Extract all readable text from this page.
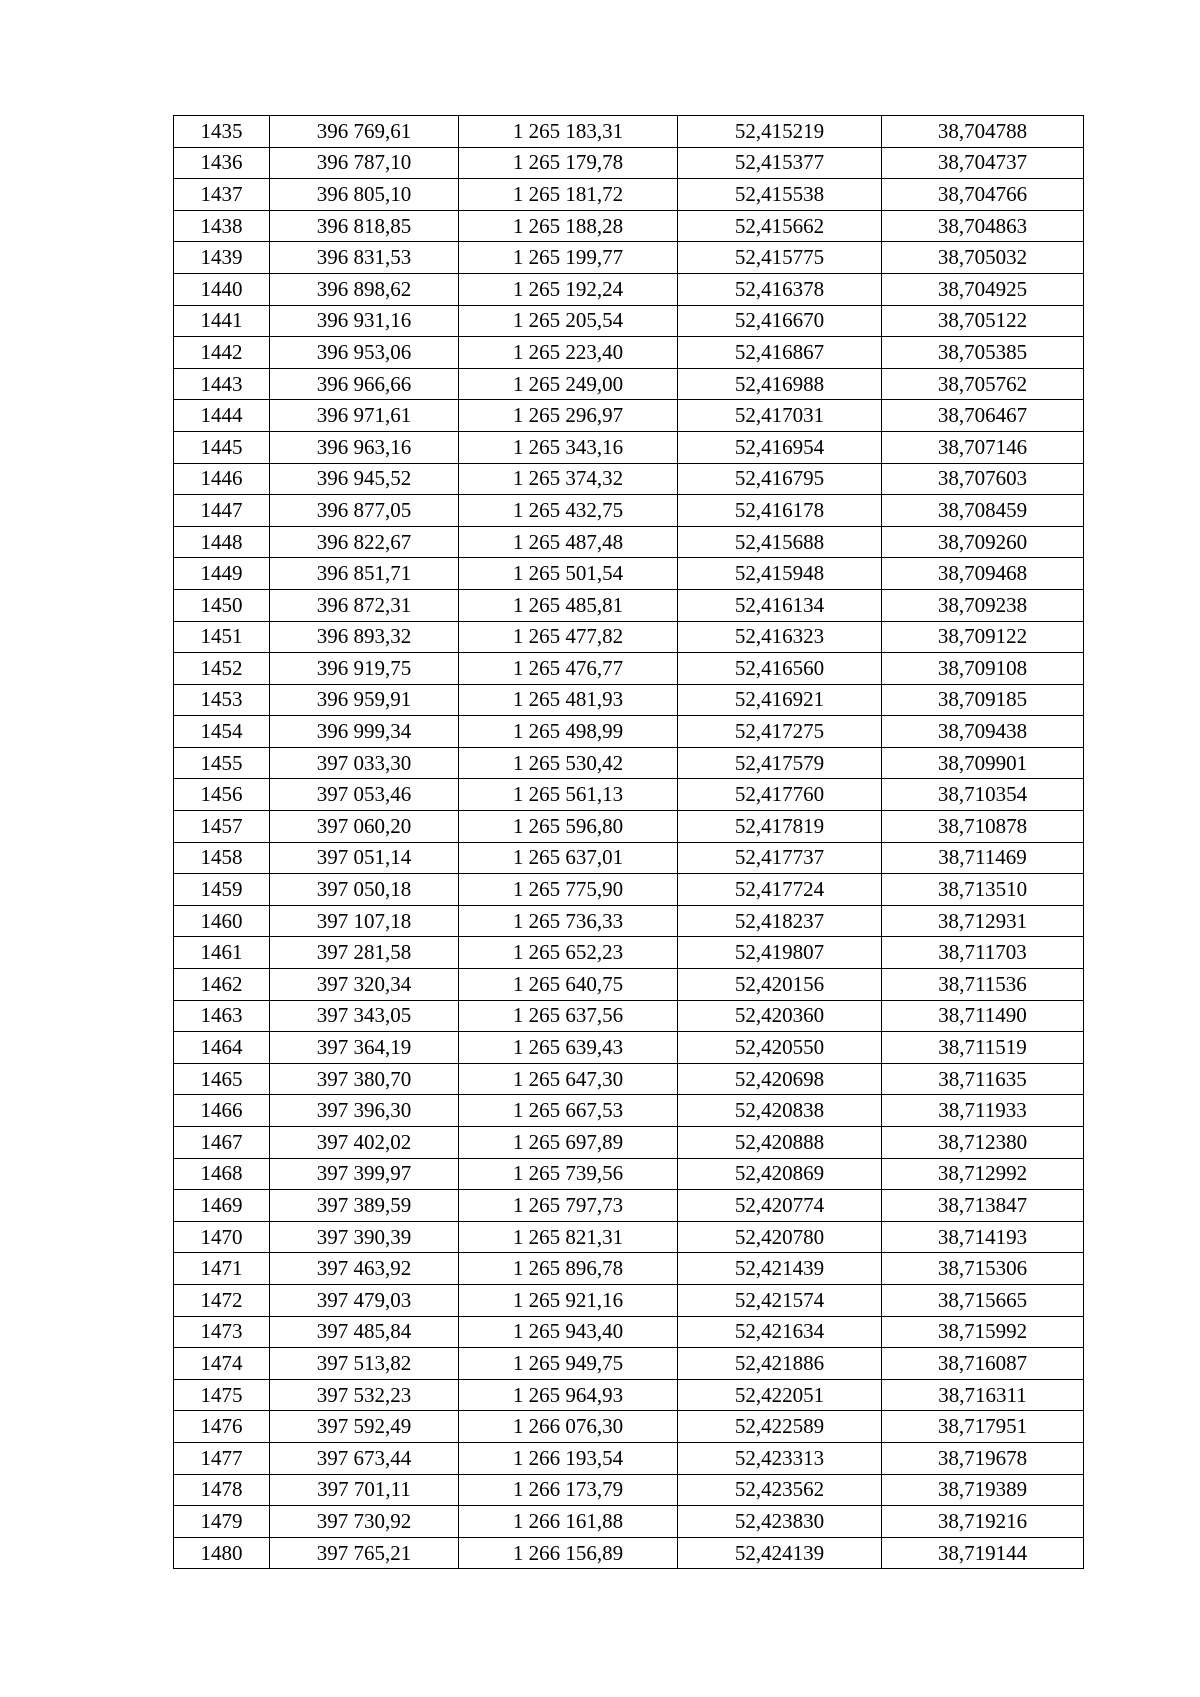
1435	396 769,61	1 265 183,31	52,415219	38,704788
1436	396 787,10	1 265 179,78	52,415377	38,704737
1437	396 805,10	1 265 181,72	52,415538	38,704766
1438	396 818,85	1 265 188,28	52,415662	38,704863
1439	396 831,53	1 265 199,77	52,415775	38,705032
1440	396 898,62	1 265 192,24	52,416378	38,704925
1441	396 931,16	1 265 205,54	52,416670	38,705122
1442	396 953,06	1 265 223,40	52,416867	38,705385
1443	396 966,66	1 265 249,00	52,416988	38,705762
1444	396 971,61	1 265 296,97	52,417031	38,706467
1445	396 963,16	1 265 343,16	52,416954	38,707146
1446	396 945,52	1 265 374,32	52,416795	38,707603
1447	396 877,05	1 265 432,75	52,416178	38,708459
1448	396 822,67	1 265 487,48	52,415688	38,709260
1449	396 851,71	1 265 501,54	52,415948	38,709468
1450	396 872,31	1 265 485,81	52,416134	38,709238
1451	396 893,32	1 265 477,82	52,416323	38,709122
1452	396 919,75	1 265 476,77	52,416560	38,709108
1453	396 959,91	1 265 481,93	52,416921	38,709185
1454	396 999,34	1 265 498,99	52,417275	38,709438
1455	397 033,30	1 265 530,42	52,417579	38,709901
1456	397 053,46	1 265 561,13	52,417760	38,710354
1457	397 060,20	1 265 596,80	52,417819	38,710878
1458	397 051,14	1 265 637,01	52,417737	38,711469
1459	397 050,18	1 265 775,90	52,417724	38,713510
1460	397 107,18	1 265 736,33	52,418237	38,712931
1461	397 281,58	1 265 652,23	52,419807	38,711703
1462	397 320,34	1 265 640,75	52,420156	38,711536
1463	397 343,05	1 265 637,56	52,420360	38,711490
1464	397 364,19	1 265 639,43	52,420550	38,711519
1465	397 380,70	1 265 647,30	52,420698	38,711635
1466	397 396,30	1 265 667,53	52,420838	38,711933
1467	397 402,02	1 265 697,89	52,420888	38,712380
1468	397 399,97	1 265 739,56	52,420869	38,712992
1469	397 389,59	1 265 797,73	52,420774	38,713847
1470	397 390,39	1 265 821,31	52,420780	38,714193
1471	397 463,92	1 265 896,78	52,421439	38,715306
1472	397 479,03	1 265 921,16	52,421574	38,715665
1473	397 485,84	1 265 943,40	52,421634	38,715992
1474	397 513,82	1 265 949,75	52,421886	38,716087
1475	397 532,23	1 265 964,93	52,422051	38,716311
1476	397 592,49	1 266 076,30	52,422589	38,717951
1477	397 673,44	1 266 193,54	52,423313	38,719678
1478	397 701,11	1 266 173,79	52,423562	38,719389
1479	397 730,92	1 266 161,88	52,423830	38,719216
1480	397 765,21	1 266 156,89	52,424139	38,719144
